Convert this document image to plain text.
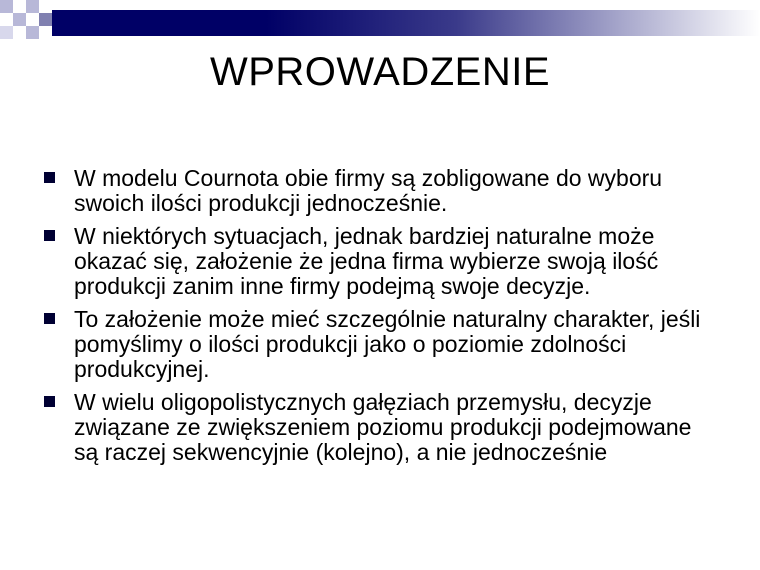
WPROWADZENIE
W modelu Cournota obie firmy są zobligowane do wyboru swoich ilości produkcji jednocześnie.
W niektórych sytuacjach, jednak bardziej naturalne może okazać się, założenie że jedna firma wybierze swoją ilość produkcji zanim inne firmy podejmą swoje decyzje.
To założenie może mieć szczególnie naturalny charakter, jeśli pomyślimy o ilości produkcji jako o poziomie zdolności produkcyjnej.
W wielu oligopolistycznych gałęziach przemysłu, decyzje związane ze zwiększeniem poziomu produkcji podejmowane są raczej sekwencyjnie (kolejno), a nie jednocześnie
